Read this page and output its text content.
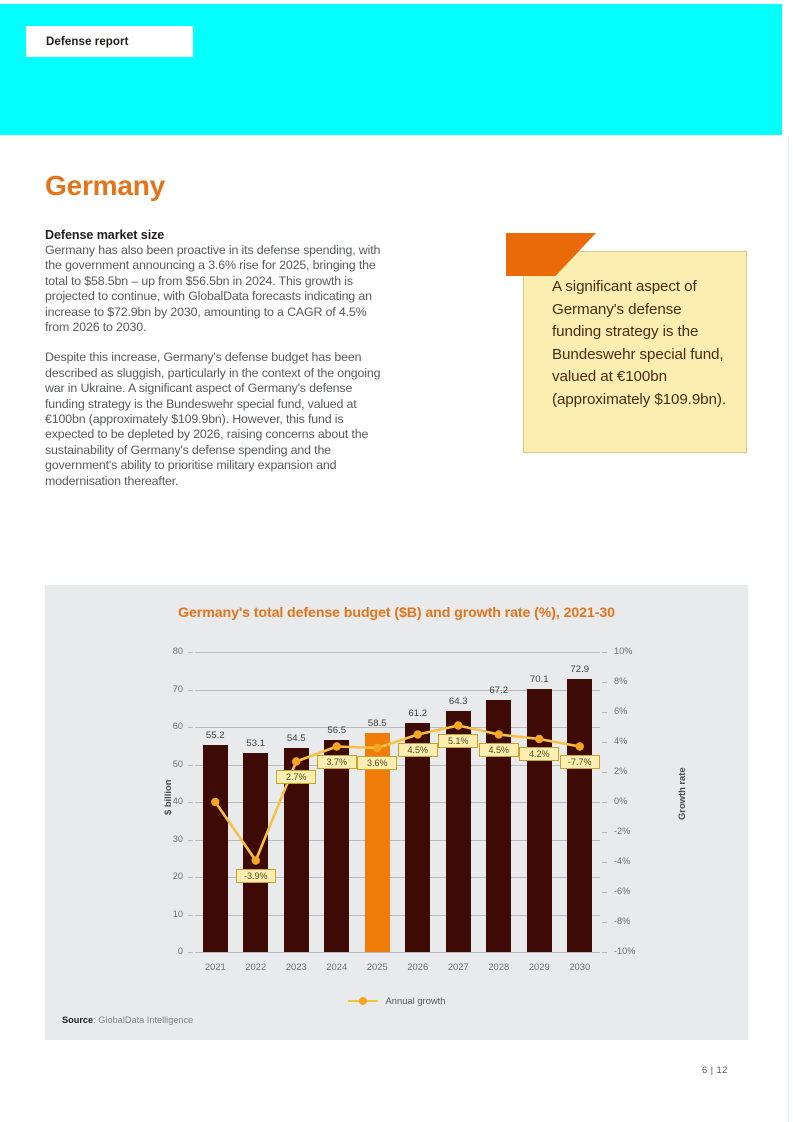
Defense report
Germany

Defense market size

Germany has also been proactive in its defense spending, with the government announcing a 3.6% rise for 2025, bringing the total to $58.5bn – up from $56.5bn in 2024. This growth is projected to continue, with GlobalData forecasts indicating an increase to $72.9bn by 2030, amounting to a CAGR of 4.5% from 2026 to 2030.

Despite this increase, Germany's defense budget has been described as sluggish, particularly in the context of the ongoing war in Ukraine. A significant aspect of Germany's defense funding strategy is the Bundeswehr special fund, valued at €100bn (approximately $109.9bn). However, this fund is expected to be depleted by 2026, raising concerns about the sustainability of Germany's defense spending and the government's ability to prioritise military expansion and modernisation thereafter.

A significant aspect of Germany's defense funding strategy is the Bundeswehr special fund, valued at €100bn (approximately $109.9bn).
Germany's total defense budget ($B) and growth rate (%), 2021-30
$ billion	Growth rate
0
10
20
30
40
50
60
70
80
-10%
-8%
-6%
-4%
-2%
0%
2%
4%
6%
8%
10%
55.2
2021
53.1
2022
54.5
2023
56.5
2024
58.5
2025
61.2
2026
64.3
2027
67.2
2028
70.1
2029
72.9
2030
-3.9%
2.7%
3.7%	3.6%
4.5%
5.1%
4.5%	4.2%
-7.7%
Annual growth
Source: GlobalData Intelligence
6 | 12
